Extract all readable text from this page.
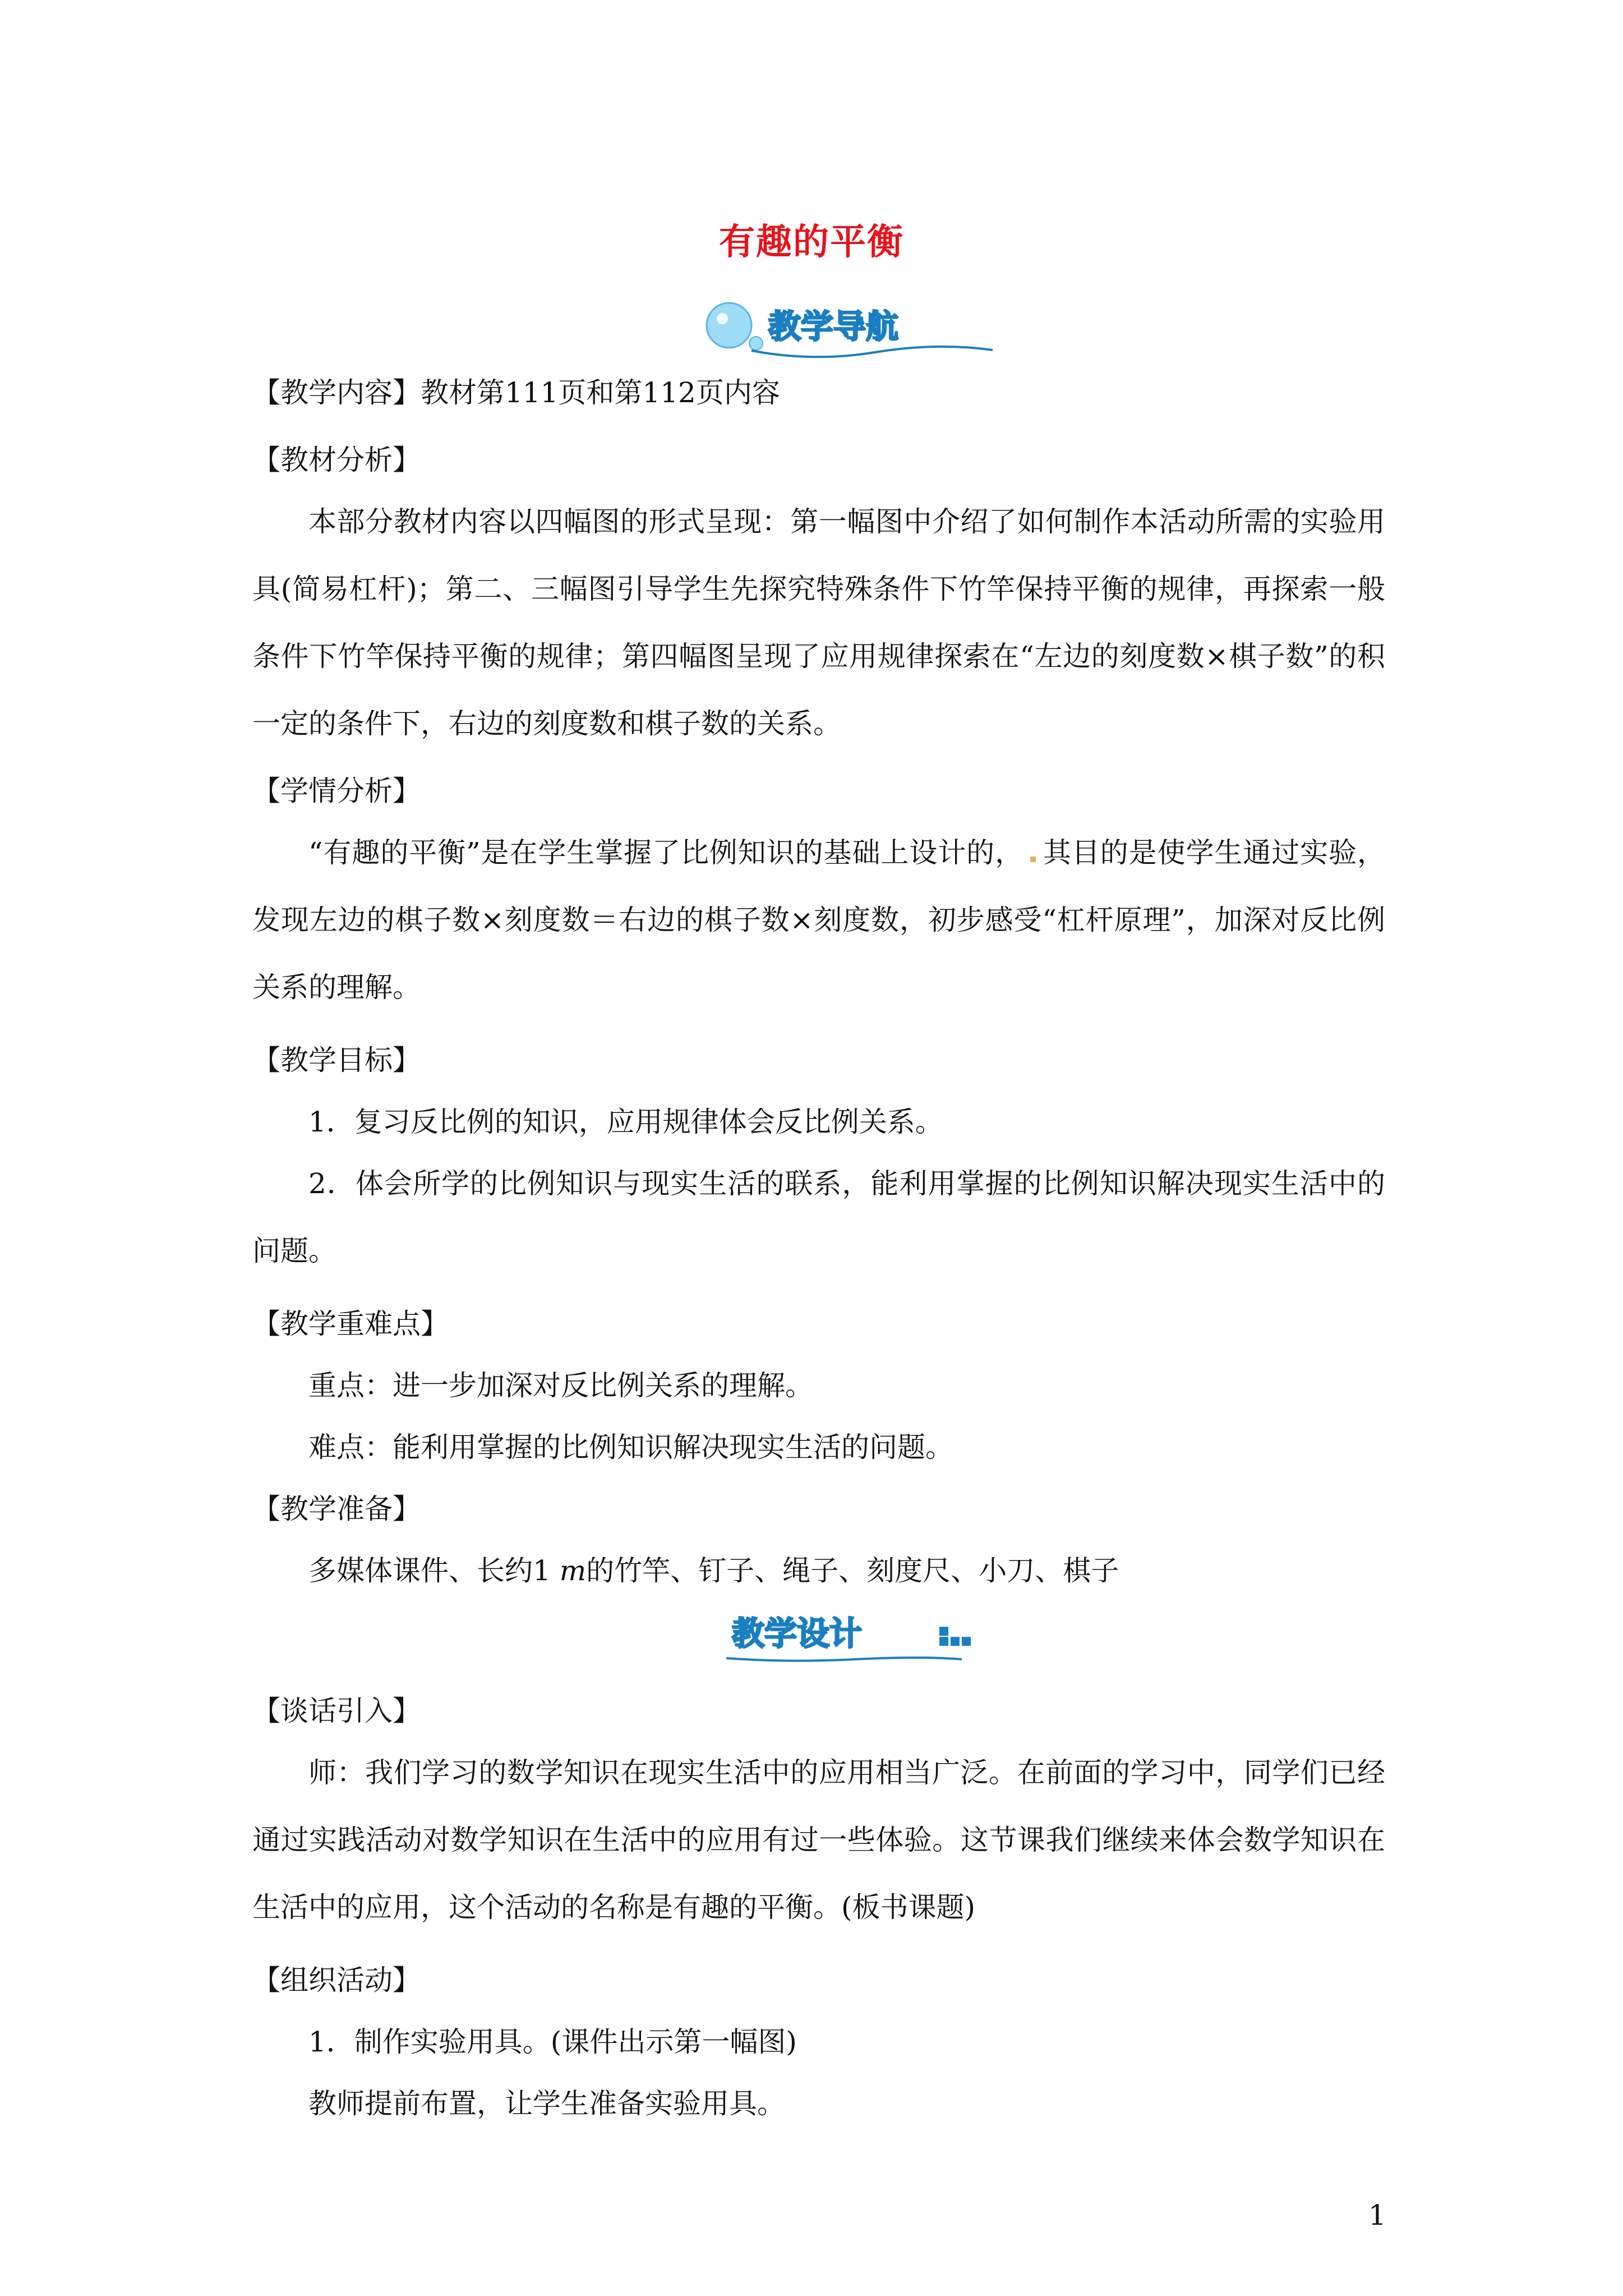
有趣的平衡
教学导航
【教学内容】教材第111页和第112页内容
【教材分析】
本部分教材内容以四幅图的形式呈现：第一幅图中介绍了如何制作本活动所需的实验用具(简易杠杆)；第二、三幅图引导学生先探究特殊条件下竹竿保持平衡的规律，再探索一般条件下竹竿保持平衡的规律；第四幅图呈现了应用规律探索在“左边的刻度数×棋子数”的积一定的条件下，右边的刻度数和棋子数的关系。
【学情分析】
“有趣的平衡”是在学生掌握了比例知识的基础上设计的， 其目的是使学生通过实验，发现左边的棋子数×刻度数＝右边的棋子数×刻度数，初步感受“杠杆原理”，加深对反比例关系的理解。
【教学目标】
1．复习反比例的知识，应用规律体会反比例关系。
2．体会所学的比例知识与现实生活的联系，能利用掌握的比例知识解决现实生活中的问题。
【教学重难点】
重点：进一步加深对反比例关系的理解。
难点：能利用掌握的比例知识解决现实生活的问题。
【教学准备】
多媒体课件、长约1 m的竹竿、钉子、绳子、刻度尺、小刀、棋子
教学设计
【谈话引入】
师：我们学习的数学知识在现实生活中的应用相当广泛。在前面的学习中，同学们已经通过实践活动对数学知识在生活中的应用有过一些体验。这节课我们继续来体会数学知识在生活中的应用，这个活动的名称是有趣的平衡。(板书课题)
【组织活动】
1．制作实验用具。(课件出示第一幅图)
教师提前布置，让学生准备实验用具。
1
